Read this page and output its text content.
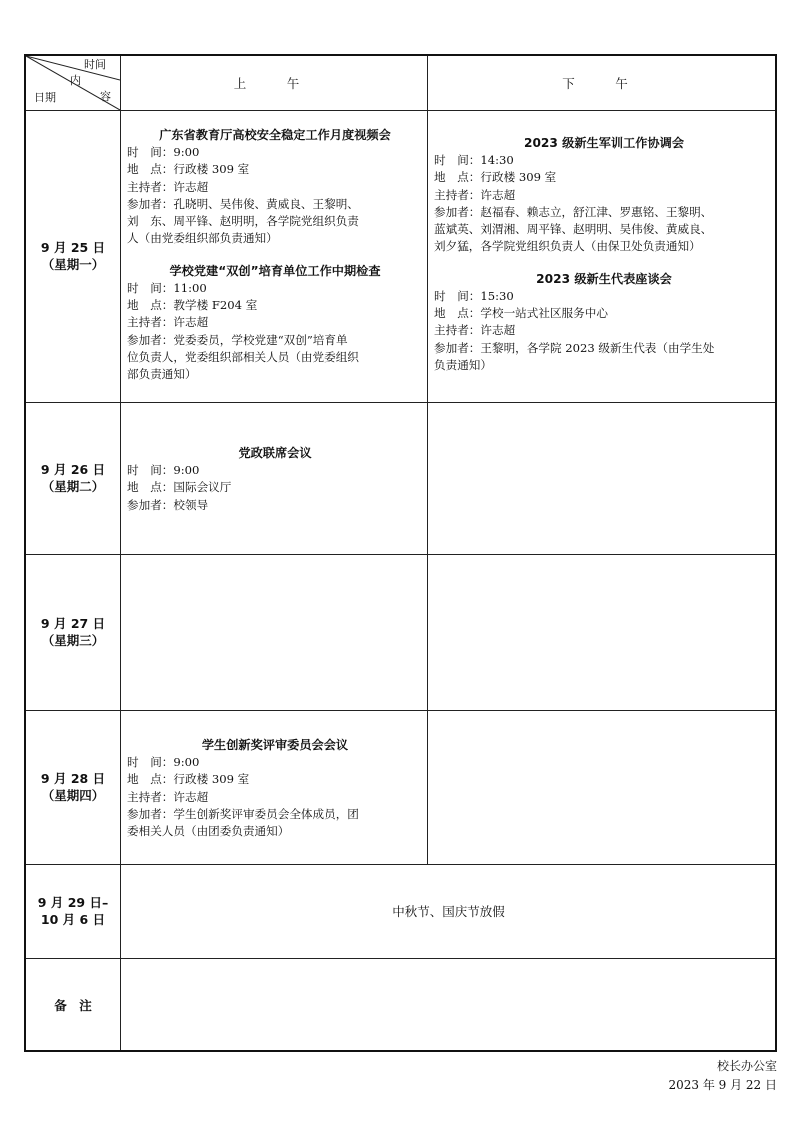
时间
内
容
日期
上　午	下　午
9 月 25 日
（星期一）
广东省教育厅高校安全稳定工作月度视频会
时　间：9:00
地　点：行政楼 309 室
主持者：许志超
参加者：孔晓明、吴伟俊、黄威良、王黎明、
刘　东、周平锋、赵明明，各学院党组织负责
人（由党委组织部负责通知）
学校党建“双创”培育单位工作中期检查
时　间：11:00
地　点：教学楼 F204 室
主持者：许志超
参加者：党委委员，学校党建“双创”培育单
位负责人，党委组织部相关人员（由党委组织
部负责通知）
2023 级新生军训工作协调会
时　间：14:30
地　点：行政楼 309 室
主持者：许志超
参加者：赵福春、赖志立，舒江津、罗惠铭、王黎明、
蓝斌英、刘渭湘、周平锋、赵明明、吴伟俊、黄威良、
刘夕猛，各学院党组织负责人（由保卫处负责通知）
2023 级新生代表座谈会
时　间：15:30
地　点：学校一站式社区服务中心
主持者：许志超
参加者：王黎明，各学院 2023 级新生代表（由学生处
负责通知）
9 月 26 日
（星期二）
党政联席会议
时　间：9:00
地　点：国际会议厅
参加者：校领导
9 月 27 日
（星期三）
9 月 28 日
（星期四）
学生创新奖评审委员会会议
时　间：9:00
地　点：行政楼 309 室
主持者：许志超
参加者：学生创新奖评审委员会全体成员，团
委相关人员（由团委负责通知）
9 月 29 日–
10 月 6 日
中秋节、国庆节放假
备　注
校长办公室
2023 年 9 月 22 日
